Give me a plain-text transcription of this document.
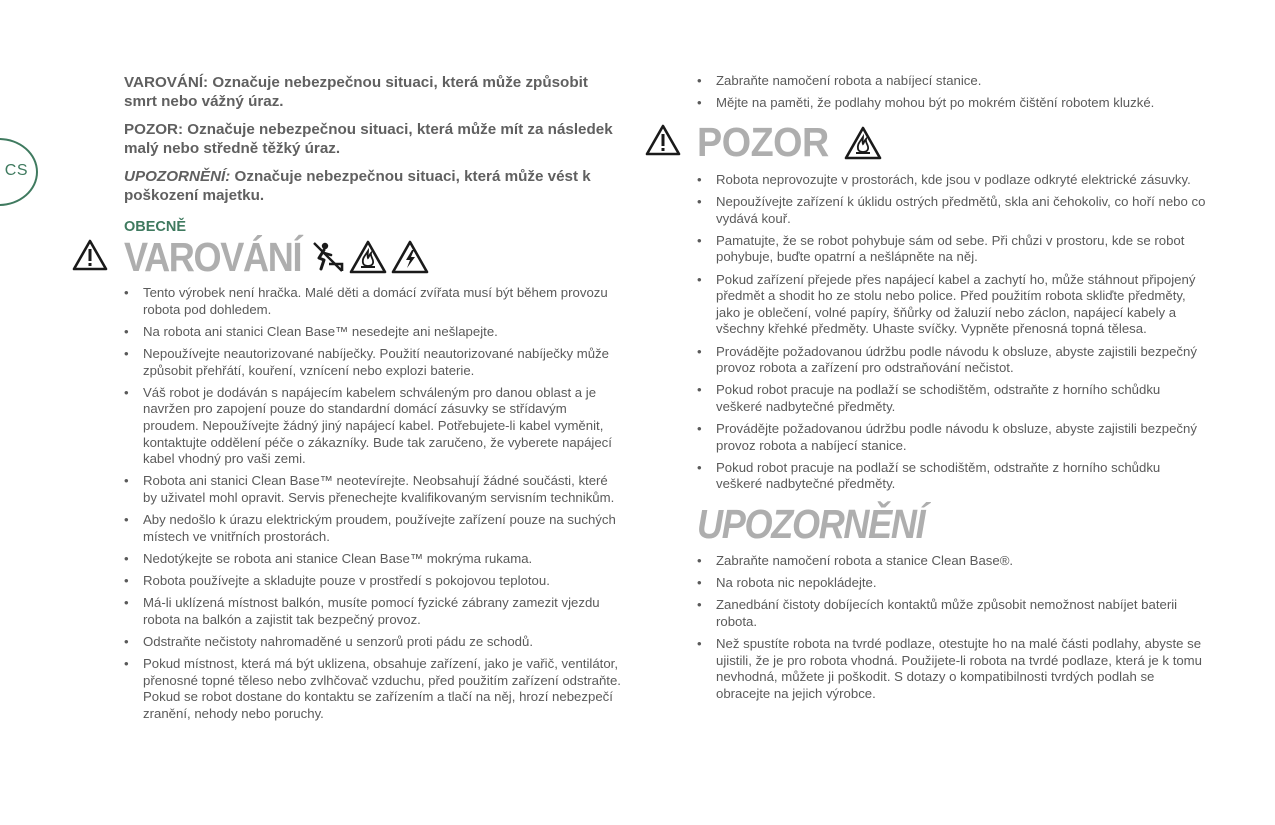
CS

VAROVÁNÍ: Označuje nebezpečnou situaci, která může způsobit smrt nebo vážný úraz.

POZOR: Označuje nebezpečnou situaci, která může mít za následek malý nebo středně těžký úraz.

UPOZORNĚNÍ: Označuje nebezpečnou situaci, která může vést k poškození majetku.

OBECNĚ
VAROVÁNÍ
• Tento výrobek není hračka. Malé děti a domácí zvířata musí být během provozu robota pod dohledem.
• Na robota ani stanici Clean Base™ nesedejte ani nešlapejte.
• Nepoužívejte neautorizované nabíječky. Použití neautorizované nabíječky může způsobit přehřátí, kouření, vznícení nebo explozi baterie.
• Váš robot je dodáván s napájecím kabelem schváleným pro danou oblast a je navržen pro zapojení pouze do standardní domácí zásuvky se střídavým proudem. Nepoužívejte žádný jiný napájecí kabel. Potřebujete-li kabel vyměnit, kontaktujte oddělení péče o zákazníky. Bude tak zaručeno, že vyberete napájecí kabel vhodný pro vaši zemi.
• Robota ani stanici Clean Base™ neotevírejte. Neobsahují žádné součásti, které by uživatel mohl opravit. Servis přenechejte kvalifikovaným servisním technikům.
• Aby nedošlo k úrazu elektrickým proudem, používejte zařízení pouze na suchých místech ve vnitřních prostorách.
• Nedotýkejte se robota ani stanice Clean Base™ mokrýma rukama.
• Robota používejte a skladujte pouze v prostředí s pokojovou teplotou.
• Má-li uklízená místnost balkón, musíte pomocí fyzické zábrany zamezit vjezdu robota na balkón a zajistit tak bezpečný provoz.
• Odstraňte nečistoty nahromaděné u senzorů proti pádu ze schodů.
• Pokud místnost, která má být uklizena, obsahuje zařízení, jako je vařič, ventilátor, přenosné topné těleso nebo zvlhčovač vzduchu, před použitím zařízení odstraňte. Pokud se robot dostane do kontaktu se zařízením a tlačí na něj, hrozí nebezpečí zranění, nehody nebo poruchy.
• Zabraňte namočení robota a nabíjecí stanice.
• Mějte na paměti, že podlahy mohou být po mokrém čištění robotem kluzké.
POZOR
• Robota neprovozujte v prostorách, kde jsou v podlaze odkryté elektrické zásuvky.
• Nepoužívejte zařízení k úklidu ostrých předmětů, skla ani čehokoliv, co hoří nebo co vydává kouř.
• Pamatujte, že se robot pohybuje sám od sebe. Při chůzi v prostoru, kde se robot pohybuje, buďte opatrní a nešlápněte na něj.
• Pokud zařízení přejede přes napájecí kabel a zachytí ho, může stáhnout připojený předmět a shodit ho ze stolu nebo police. Před použitím robota skliďte předměty, jako je oblečení, volné papíry, šňůrky od žaluzií nebo záclon, napájecí kabely a všechny křehké předměty. Uhaste svíčky. Vypněte přenosná topná tělesa.
• Provádějte požadovanou údržbu podle návodu k obsluze, abyste zajistili bezpečný provoz robota a zařízení pro odstraňování nečistot.
• Pokud robot pracuje na podlaží se schodištěm, odstraňte z horního schůdku veškeré nadbytečné předměty.
• Provádějte požadovanou údržbu podle návodu k obsluze, abyste zajistili bezpečný provoz robota a nabíjecí stanice.
• Pokud robot pracuje na podlaží se schodištěm, odstraňte z horního schůdku veškeré nadbytečné předměty.
UPOZORNĚNÍ
• Zabraňte namočení robota a stanice Clean Base®.
• Na robota nic nepokládejte.
• Zanedbání čistoty dobíjecích kontaktů může způsobit nemožnost nabíjet baterii robota.
• Než spustíte robota na tvrdé podlaze, otestujte ho na malé části podlahy, abyste se ujistili, že je pro robota vhodná. Použijete-li robota na tvrdé podlaze, která je k tomu nevhodná, můžete ji poškodit. S dotazy o kompatibilnosti tvrdých podlah se obracejte na jejich výrobce.
